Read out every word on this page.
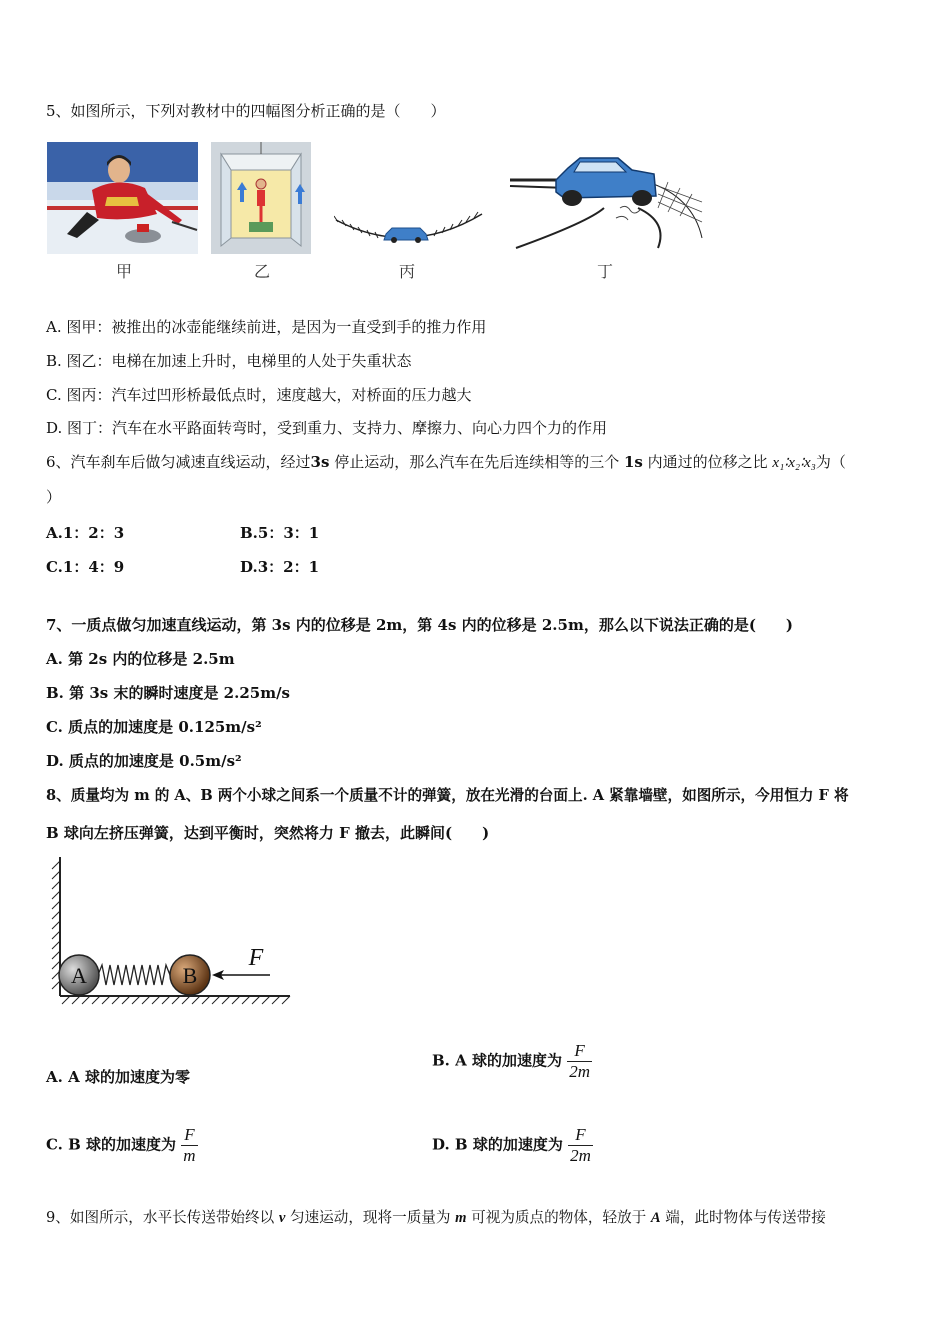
5、如图所示，下列对教材中的四幅图分析正确的是（　　）
甲	乙	丙	丁
A. 图甲：被推出的冰壶能继续前进，是因为一直受到手的推力作用
B. 图乙：电梯在加速上升时，电梯里的人处于失重状态
C. 图丙：汽车过凹形桥最低点时，速度越大，对桥面的压力越大
D. 图丁：汽车在水平路面转弯时，受到重力、支持力、摩擦力、向心力四个力的作用
6、汽车刹车后做匀减速直线运动，经过3s 停止运动，那么汽车在先后连续相等的三个 1s 内通过的位移之比 x₁∶x₂∶x₃为（
）
A.1：2：3	B.5：3：1
C.1：4：9	D.3：2：1
7、一质点做匀加速直线运动，第 3s 内的位移是 2m，第 4s 内的位移是 2.5m，那么以下说法正确的是(　　)
A. 第 2s 内的位移是 2.5m
B. 第 3s 末的瞬时速度是 2.25m/s
C. 质点的加速度是 0.125m/s²
D. 质点的加速度是 0.5m/s²
8、质量均为 m 的 A、B 两个小球之间系一个质量不计的弹簧，放在光滑的台面上. A 紧靠墙壁，如图所示，今用恒力 F 将
B 球向左挤压弹簧，达到平衡时，突然将力 F 撤去，此瞬间(　　)
A	B
F
A. A 球的加速度为零
B. A 球的加速度为 $\frac{F}{2m}$
C. B 球的加速度为 $\frac{F}{m}$	D. B 球的加速度为 $\frac{F}{2m}$
9、如图所示，水平长传送带始终以 v 匀速运动，现将一质量为 m 可视为质点的物体，轻放于 A 端，此时物体与传送带接
